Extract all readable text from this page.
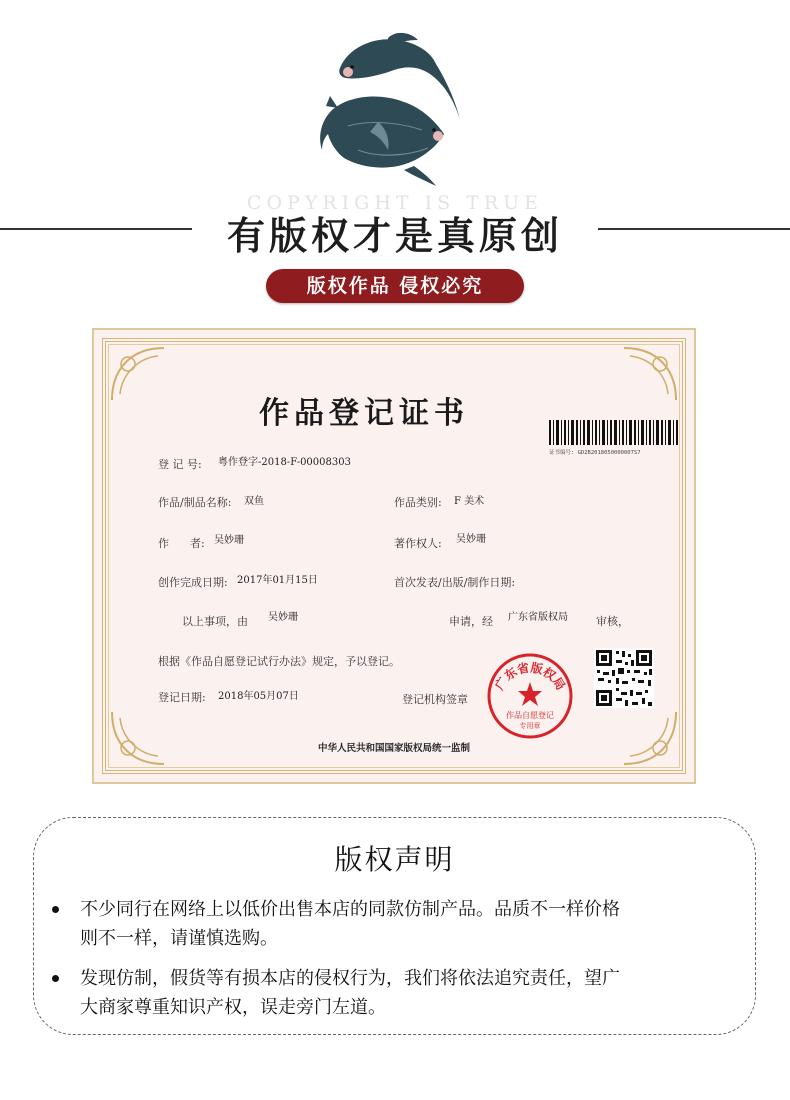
COPYRIGHT IS TRUE
有版权才是真原创
版权作品 侵权必究
作品登记证书
证书编号: GD2B2018050000007S7
登 记 号: 粤作登字-2018-F-00008303
作品/制品名称: 双鱼	作品类别: F 美术
作      者: 吴妙珊	著作权人: 吴妙珊
创作完成日期: 2017年01月15日	首次发表/出版/制作日期:
以上事项，由 吴妙珊	申请，经 广东省版权局	审核，
根据《作品自愿登记试行办法》规定，予以登记。
登记日期: 2018年05月07日	登记机构签章
广东省版权局
作品自愿登记
专用章
中华人民共和国国家版权局统一监制
版权声明
不少同行在网络上以低价出售本店的同款仿制产品。品质不一样价格
则不一样，请谨慎选购。
发现仿制，假货等有损本店的侵权行为，我们将依法追究责任，望广
大商家尊重知识产权，误走旁门左道。
